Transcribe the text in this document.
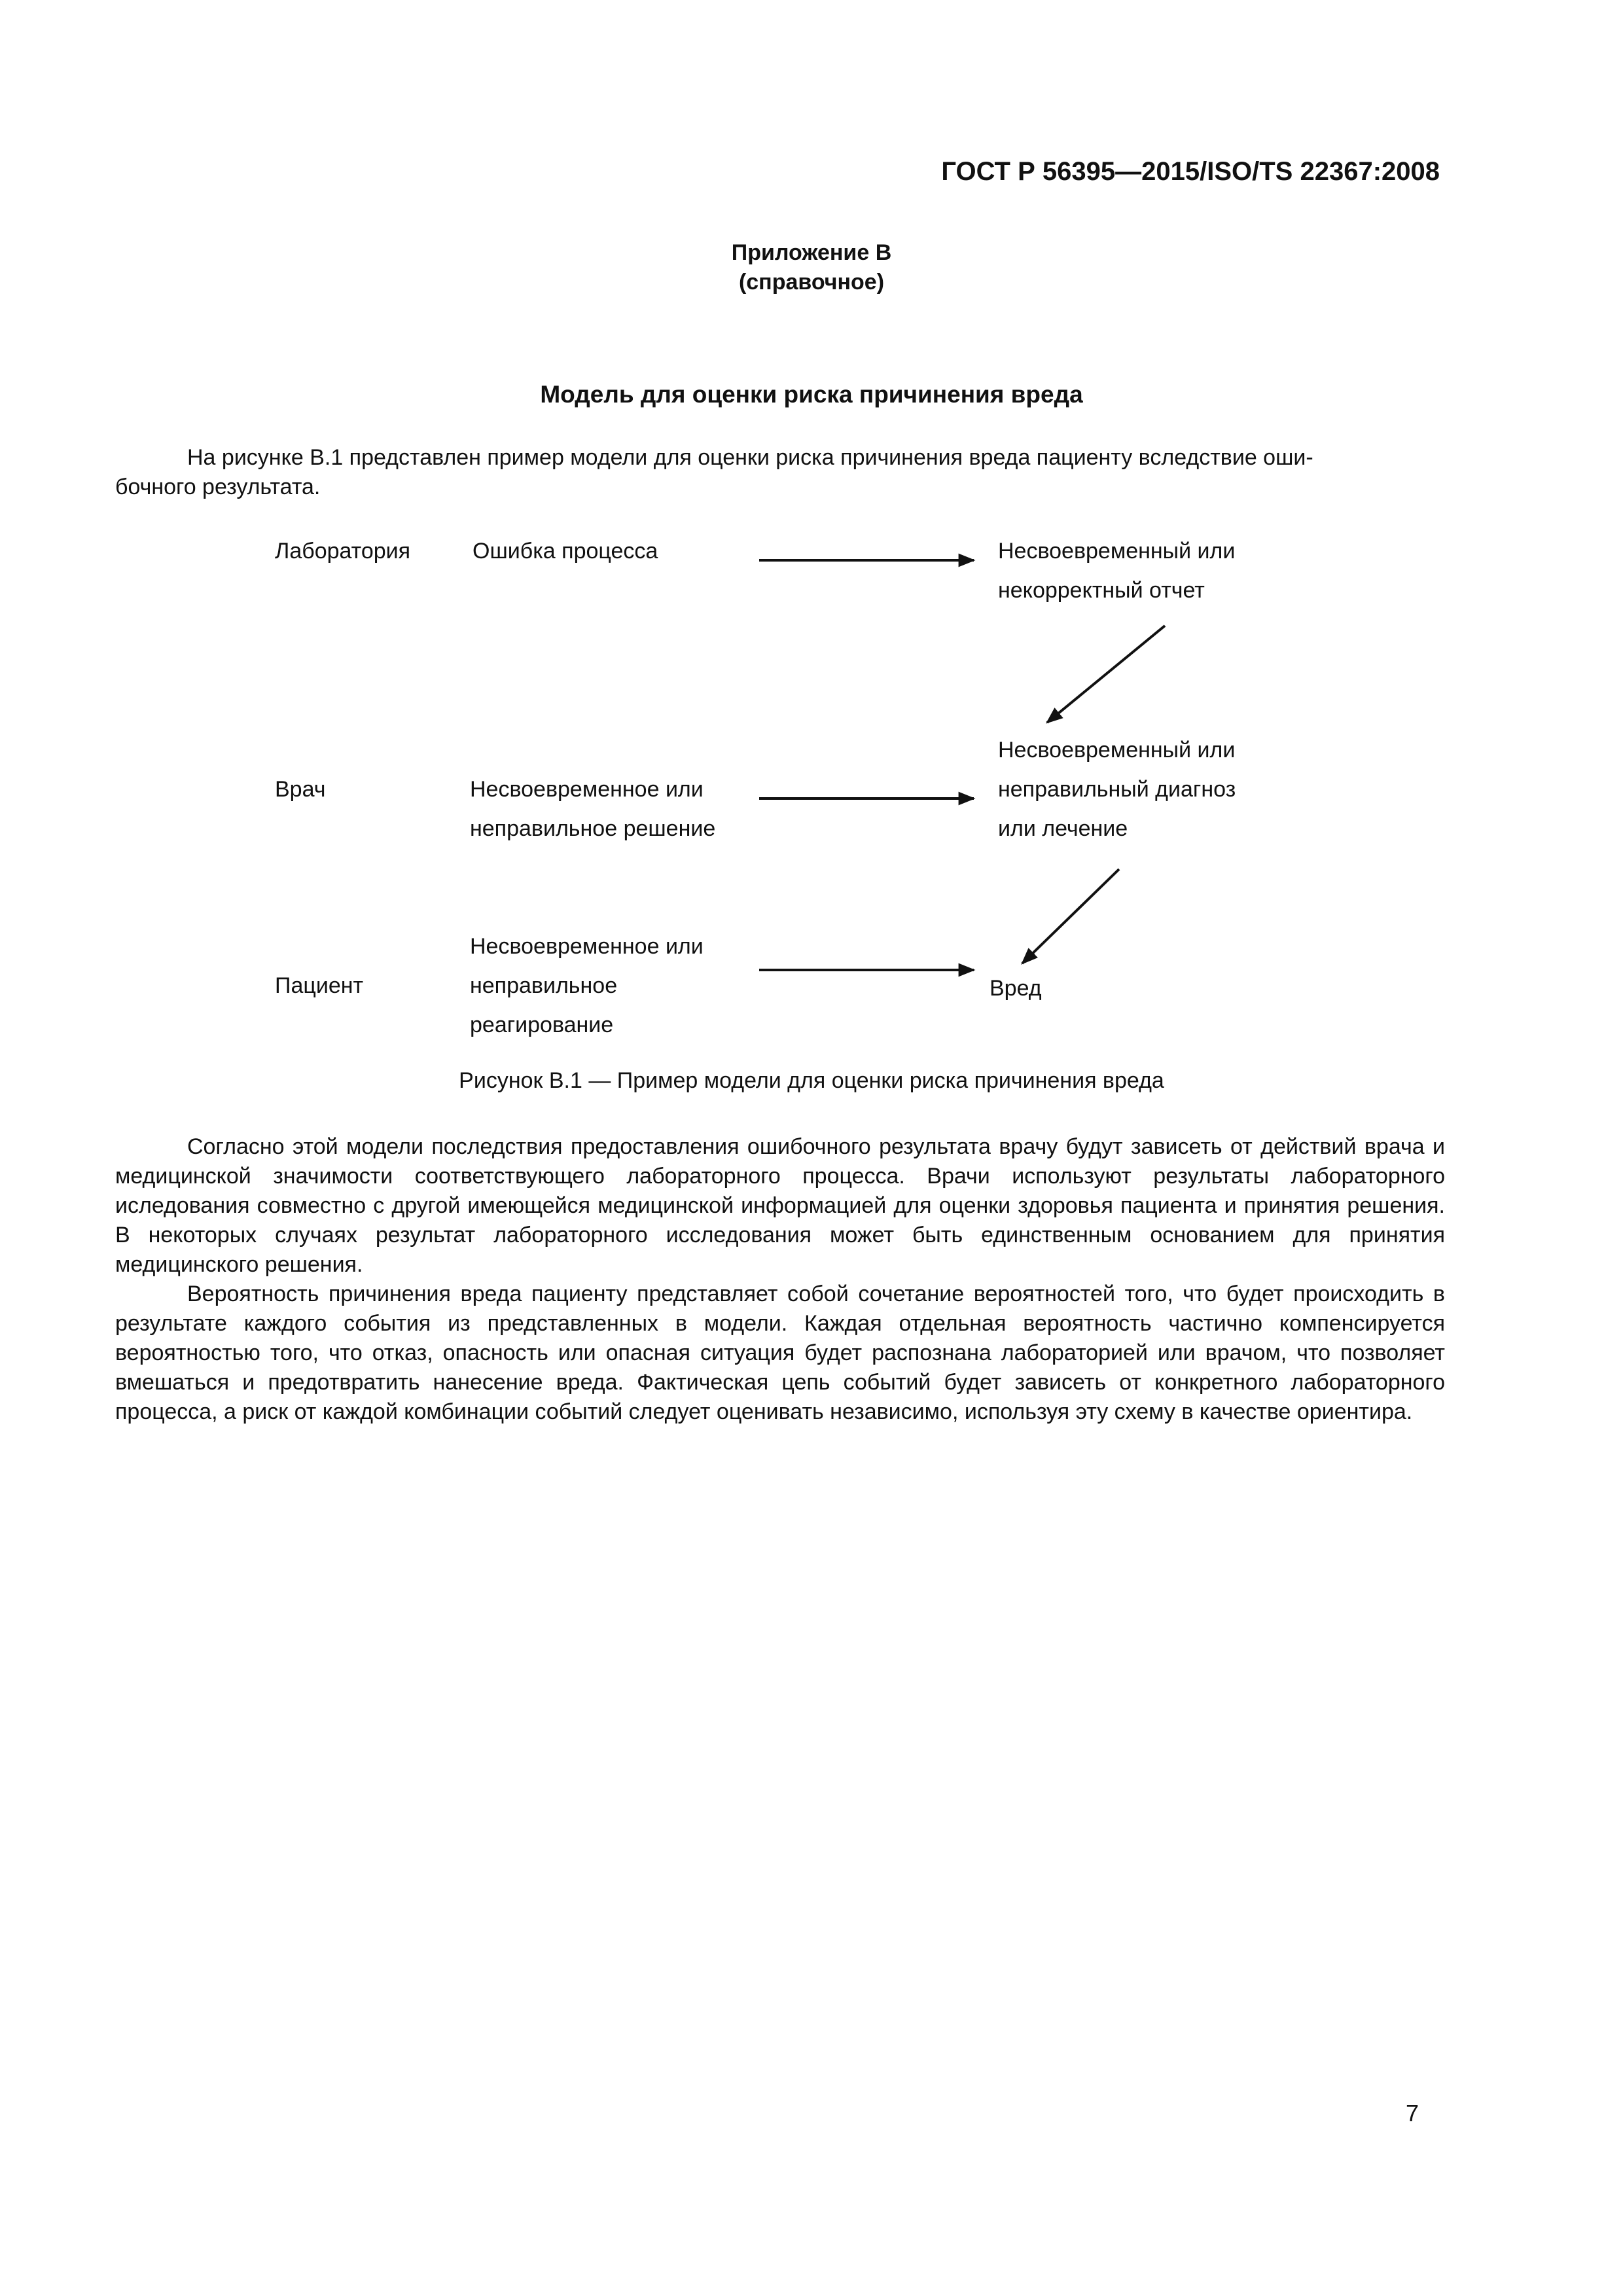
ГОСТ Р 56395—2015/ISO/TS 22367:2008
Приложение В
(справочное)
Модель для оценки риска причинения вреда
На рисунке В.1 представлен пример модели для оценки риска причинения вреда пациенту вследствие оши-
бочного результата.
Лаборатория	Ошибка процесса	Несвоевременный или
некорректный отчет
Несвоевременный или
Врач	Несвоевременное или
неправильное решение
неправильный диагноз
или лечение
Несвоевременное или
Пациент	неправильное
реагирование
Вред
Рисунок В.1 — Пример модели для оценки риска причинения вреда

Согласно этой модели последствия предоставления ошибочного результата врачу будут зависеть от действий врача и медицинской значимости соответствующего лабораторного процесса. Врачи используют результаты лабораторного иследования совместно с другой имеющейся медицинской информацией для оценки здоровья пациента и принятия решения. В некоторых случаях результат лабораторного исследования может быть единственным основанием для принятия медицинского решения.

Вероятность причинения вреда пациенту представляет собой сочетание вероятностей того, что будет происходить в результате каждого события из представленных в модели. Каждая отдельная вероятность частично компенсируется вероятностью того, что отказ, опасность или опасная ситуация будет распознана лабораторией или врачом, что позволяет вмешаться и предотвратить нанесение вреда. Фактическая цепь событий будет зависеть от конкретного лабораторного процесса, а риск от каждой комбинации событий следует оценивать независимо, используя эту схему в качестве ориентира.

7
